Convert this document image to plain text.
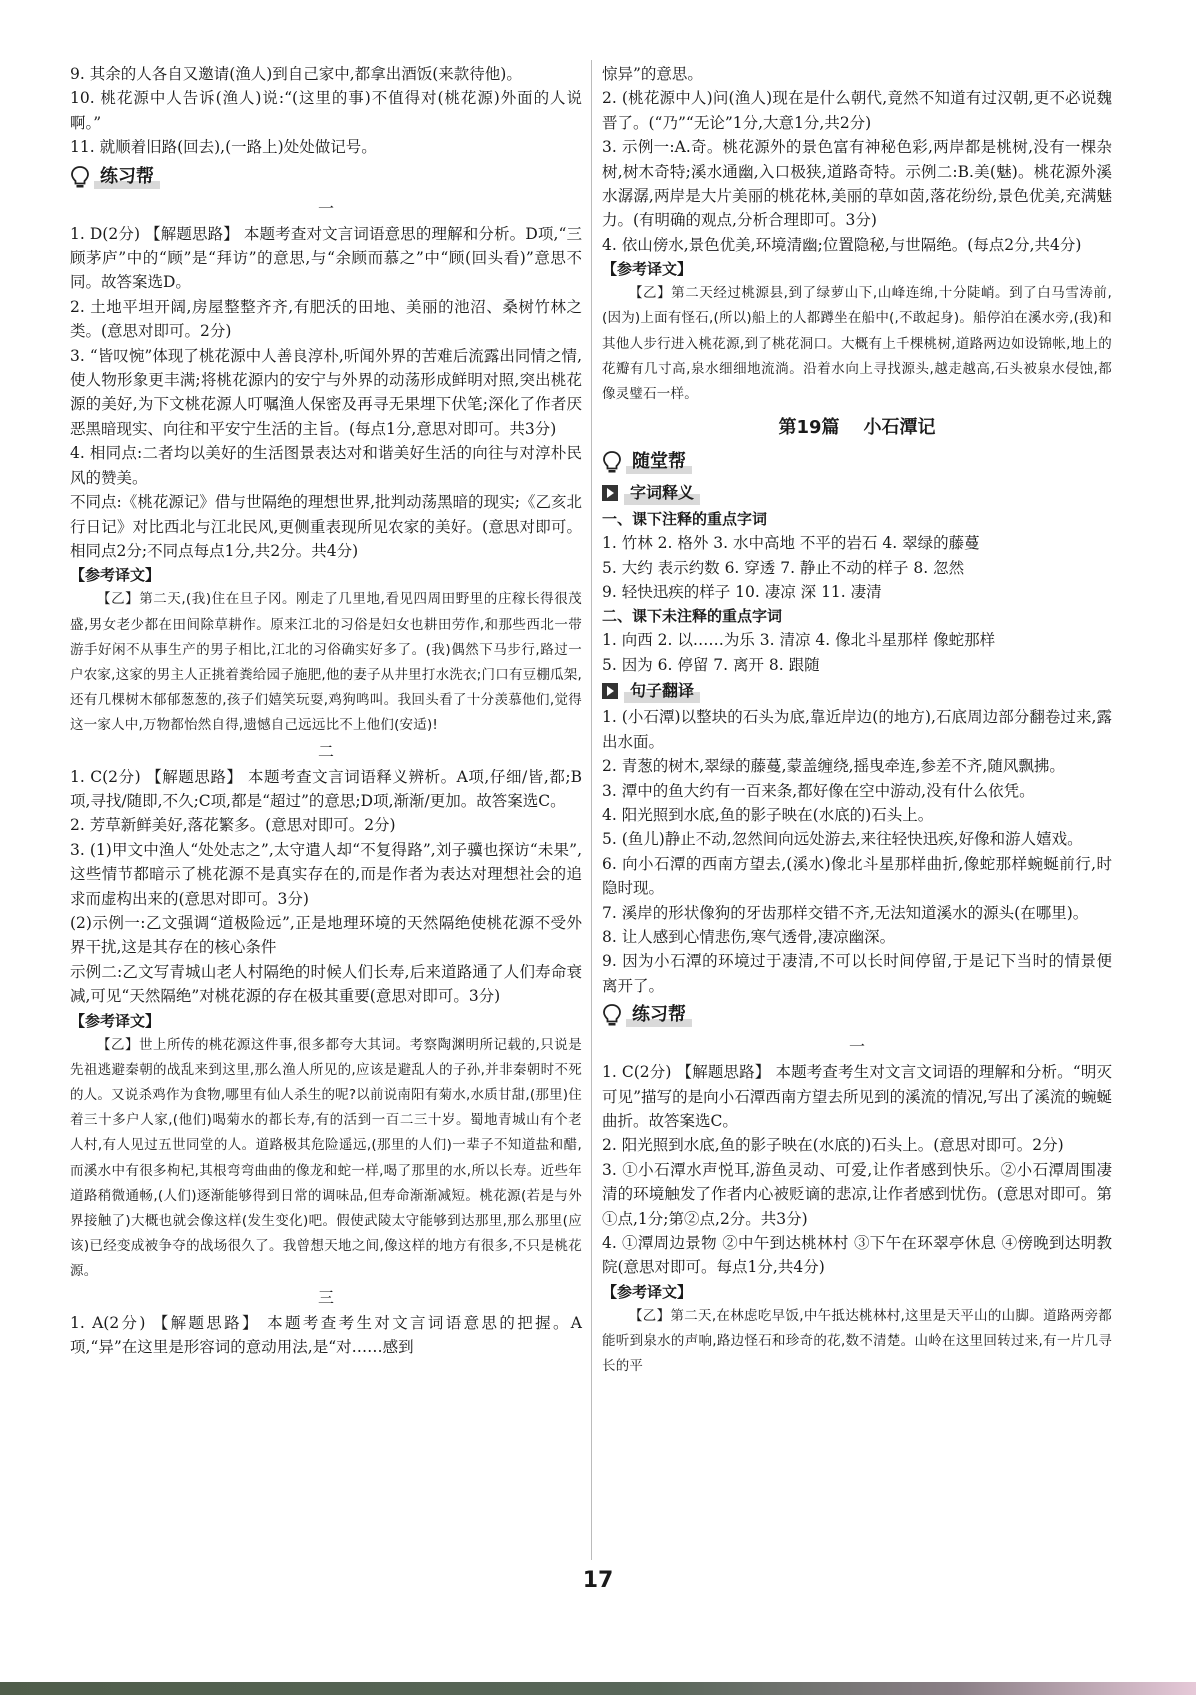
9. 其余的人各自又邀请(渔人)到自己家中,都拿出酒饭(来款待他)。

10. 桃花源中人告诉(渔人)说:“(这里的事)不值得对(桃花源)外面的人说啊。”

11. 就顺着旧路(回去),(一路上)处处做记号。

练习帮

一

1. D(2分) 【解题思路】 本题考查对文言词语意思的理解和分析。D项,“三顾茅庐”中的“顾”是“拜访”的意思,与“余顾而慕之”中“顾(回头看)”意思不同。故答案选D。

2. 土地平坦开阔,房屋整整齐齐,有肥沃的田地、美丽的池沼、桑树竹林之类。(意思对即可。2分)

3. “皆叹惋”体现了桃花源中人善良淳朴,听闻外界的苦难后流露出同情之情,使人物形象更丰满;将桃花源内的安宁与外界的动荡形成鲜明对照,突出桃花源的美好,为下文桃花源人叮嘱渔人保密及再寻无果埋下伏笔;深化了作者厌恶黑暗现实、向往和平安宁生活的主旨。(每点1分,意思对即可。共3分)

4. 相同点:二者均以美好的生活图景表达对和谐美好生活的向往与对淳朴民风的赞美。

不同点:《桃花源记》借与世隔绝的理想世界,批判动荡黑暗的现实;《乙亥北行日记》对比西北与江北民风,更侧重表现所见农家的美好。(意思对即可。相同点2分;不同点每点1分,共2分。共4分)

【参考译文】

【乙】第二天,(我)住在旦子冈。刚走了几里地,看见四周田野里的庄稼长得很茂盛,男女老少都在田间除草耕作。原来江北的习俗是妇女也耕田劳作,和那些西北一带游手好闲不从事生产的男子相比,江北的习俗确实好多了。(我)偶然下马步行,路过一户农家,这家的男主人正挑着粪给园子施肥,他的妻子从井里打水洗衣;门口有豆棚瓜架,还有几棵树木郁郁葱葱的,孩子们嬉笑玩耍,鸡狗鸣叫。我回头看了十分羡慕他们,觉得这一家人中,万物都怡然自得,遗憾自己远远比不上他们(安适)!

二

1. C(2分) 【解题思路】 本题考查文言词语释义辨析。A项,仔细/皆,都;B项,寻找/随即,不久;C项,都是“超过”的意思;D项,渐渐/更加。故答案选C。

2. 芳草新鲜美好,落花繁多。(意思对即可。2分)

3. (1)甲文中渔人“处处志之”,太守遣人却“不复得路”,刘子骥也探访“未果”,这些情节都暗示了桃花源不是真实存在的,而是作者为表达对理想社会的追求而虚构出来的(意思对即可。3分)

(2)示例一:乙文强调“道极险远”,正是地理环境的天然隔绝使桃花源不受外界干扰,这是其存在的核心条件

示例二:乙文写青城山老人村隔绝的时候人们长寿,后来道路通了人们寿命衰减,可见“天然隔绝”对桃花源的存在极其重要(意思对即可。3分)

【参考译文】

【乙】世上所传的桃花源这件事,很多都夸大其词。考察陶渊明所记载的,只说是先祖逃避秦朝的战乱来到这里,那么渔人所见的,应该是避乱人的子孙,并非秦朝时不死的人。又说杀鸡作为食物,哪里有仙人杀生的呢?以前说南阳有菊水,水质甘甜,(那里)住着三十多户人家,(他们)喝菊水的都长寿,有的活到一百二三十岁。蜀地青城山有个老人村,有人见过五世同堂的人。道路极其危险遥远,(那里的人们)一辈子不知道盐和醋,而溪水中有很多枸杞,其根弯弯曲曲的像龙和蛇一样,喝了那里的水,所以长寿。近些年道路稍微通畅,(人们)逐渐能够得到日常的调味品,但寿命渐渐减短。桃花源(若是与外界接触了)大概也就会像这样(发生变化)吧。假使武陵太守能够到达那里,那么那里(应该)已经变成被争夺的战场很久了。我曾想天地之间,像这样的地方有很多,不只是桃花源。

三

1. A(2分) 【解题思路】 本题考查考生对文言词语意思的把握。A项,“异”在这里是形容词的意动用法,是“对……感到

惊异”的意思。

2. (桃花源中人)问(渔人)现在是什么朝代,竟然不知道有过汉朝,更不必说魏晋了。(“乃”“无论”1分,大意1分,共2分)

3. 示例一:A.奇。桃花源外的景色富有神秘色彩,两岸都是桃树,没有一棵杂树,树木奇特;溪水通幽,入口极狭,道路奇特。示例二:B.美(魅)。桃花源外溪水潺潺,两岸是大片美丽的桃花林,美丽的草如茵,落花纷纷,景色优美,充满魅力。(有明确的观点,分析合理即可。3分)

4. 依山傍水,景色优美,环境清幽;位置隐秘,与世隔绝。(每点2分,共4分)

【参考译文】

【乙】第二天经过桃源县,到了绿萝山下,山峰连绵,十分陡峭。到了白马雪涛前,(因为)上面有怪石,(所以)船上的人都蹲坐在船中(,不敢起身)。船停泊在溪水旁,(我)和其他人步行进入桃花源,到了桃花洞口。大概有上千棵桃树,道路两边如设锦帐,地上的花瓣有几寸高,泉水细细地流淌。沿着水向上寻找源头,越走越高,石头被泉水侵蚀,都像灵璧石一样。

第19篇 小石潭记

随堂帮
字词释义

一、课下注释的重点字词

1. 竹林 2. 格外 3. 水中高地 不平的岩石 4. 翠绿的藤蔓

5. 大约 表示约数 6. 穿透 7. 静止不动的样子 8. 忽然

9. 轻快迅疾的样子 10. 凄凉 深 11. 凄清

二、课下未注释的重点字词

1. 向西 2. 以……为乐 3. 清凉 4. 像北斗星那样 像蛇那样

5. 因为 6. 停留 7. 离开 8. 跟随

句子翻译

1. (小石潭)以整块的石头为底,靠近岸边(的地方),石底周边部分翻卷过来,露出水面。

2. 青葱的树木,翠绿的藤蔓,蒙盖缠绕,摇曳牵连,参差不齐,随风飘拂。

3. 潭中的鱼大约有一百来条,都好像在空中游动,没有什么依凭。

4. 阳光照到水底,鱼的影子映在(水底的)石头上。

5. (鱼儿)静止不动,忽然间向远处游去,来往轻快迅疾,好像和游人嬉戏。

6. 向小石潭的西南方望去,(溪水)像北斗星那样曲折,像蛇那样蜿蜒前行,时隐时现。

7. 溪岸的形状像狗的牙齿那样交错不齐,无法知道溪水的源头(在哪里)。

8. 让人感到心情悲伤,寒气透骨,凄凉幽深。

9. 因为小石潭的环境过于凄清,不可以长时间停留,于是记下当时的情景便离开了。

练习帮

一

1. C(2分) 【解题思路】 本题考查考生对文言文词语的理解和分析。“明灭可见”描写的是向小石潭西南方望去所见到的溪流的情况,写出了溪流的蜿蜒曲折。故答案选C。

2. 阳光照到水底,鱼的影子映在(水底的)石头上。(意思对即可。2分)

3. ①小石潭水声悦耳,游鱼灵动、可爱,让作者感到快乐。②小石潭周围凄清的环境触发了作者内心被贬谪的悲凉,让作者感到忧伤。(意思对即可。第①点,1分;第②点,2分。共3分)

4. ①潭周边景物 ②中午到达桃林村 ③下午在环翠亭休息 ④傍晚到达明教院(意思对即可。每点1分,共4分)

【参考译文】

【乙】第二天,在林虑吃早饭,中午抵达桃林村,这里是天平山的山脚。道路两旁都能听到泉水的声响,路边怪石和珍奇的花,数不清楚。山岭在这里回转过来,有一片几寻长的平

17
